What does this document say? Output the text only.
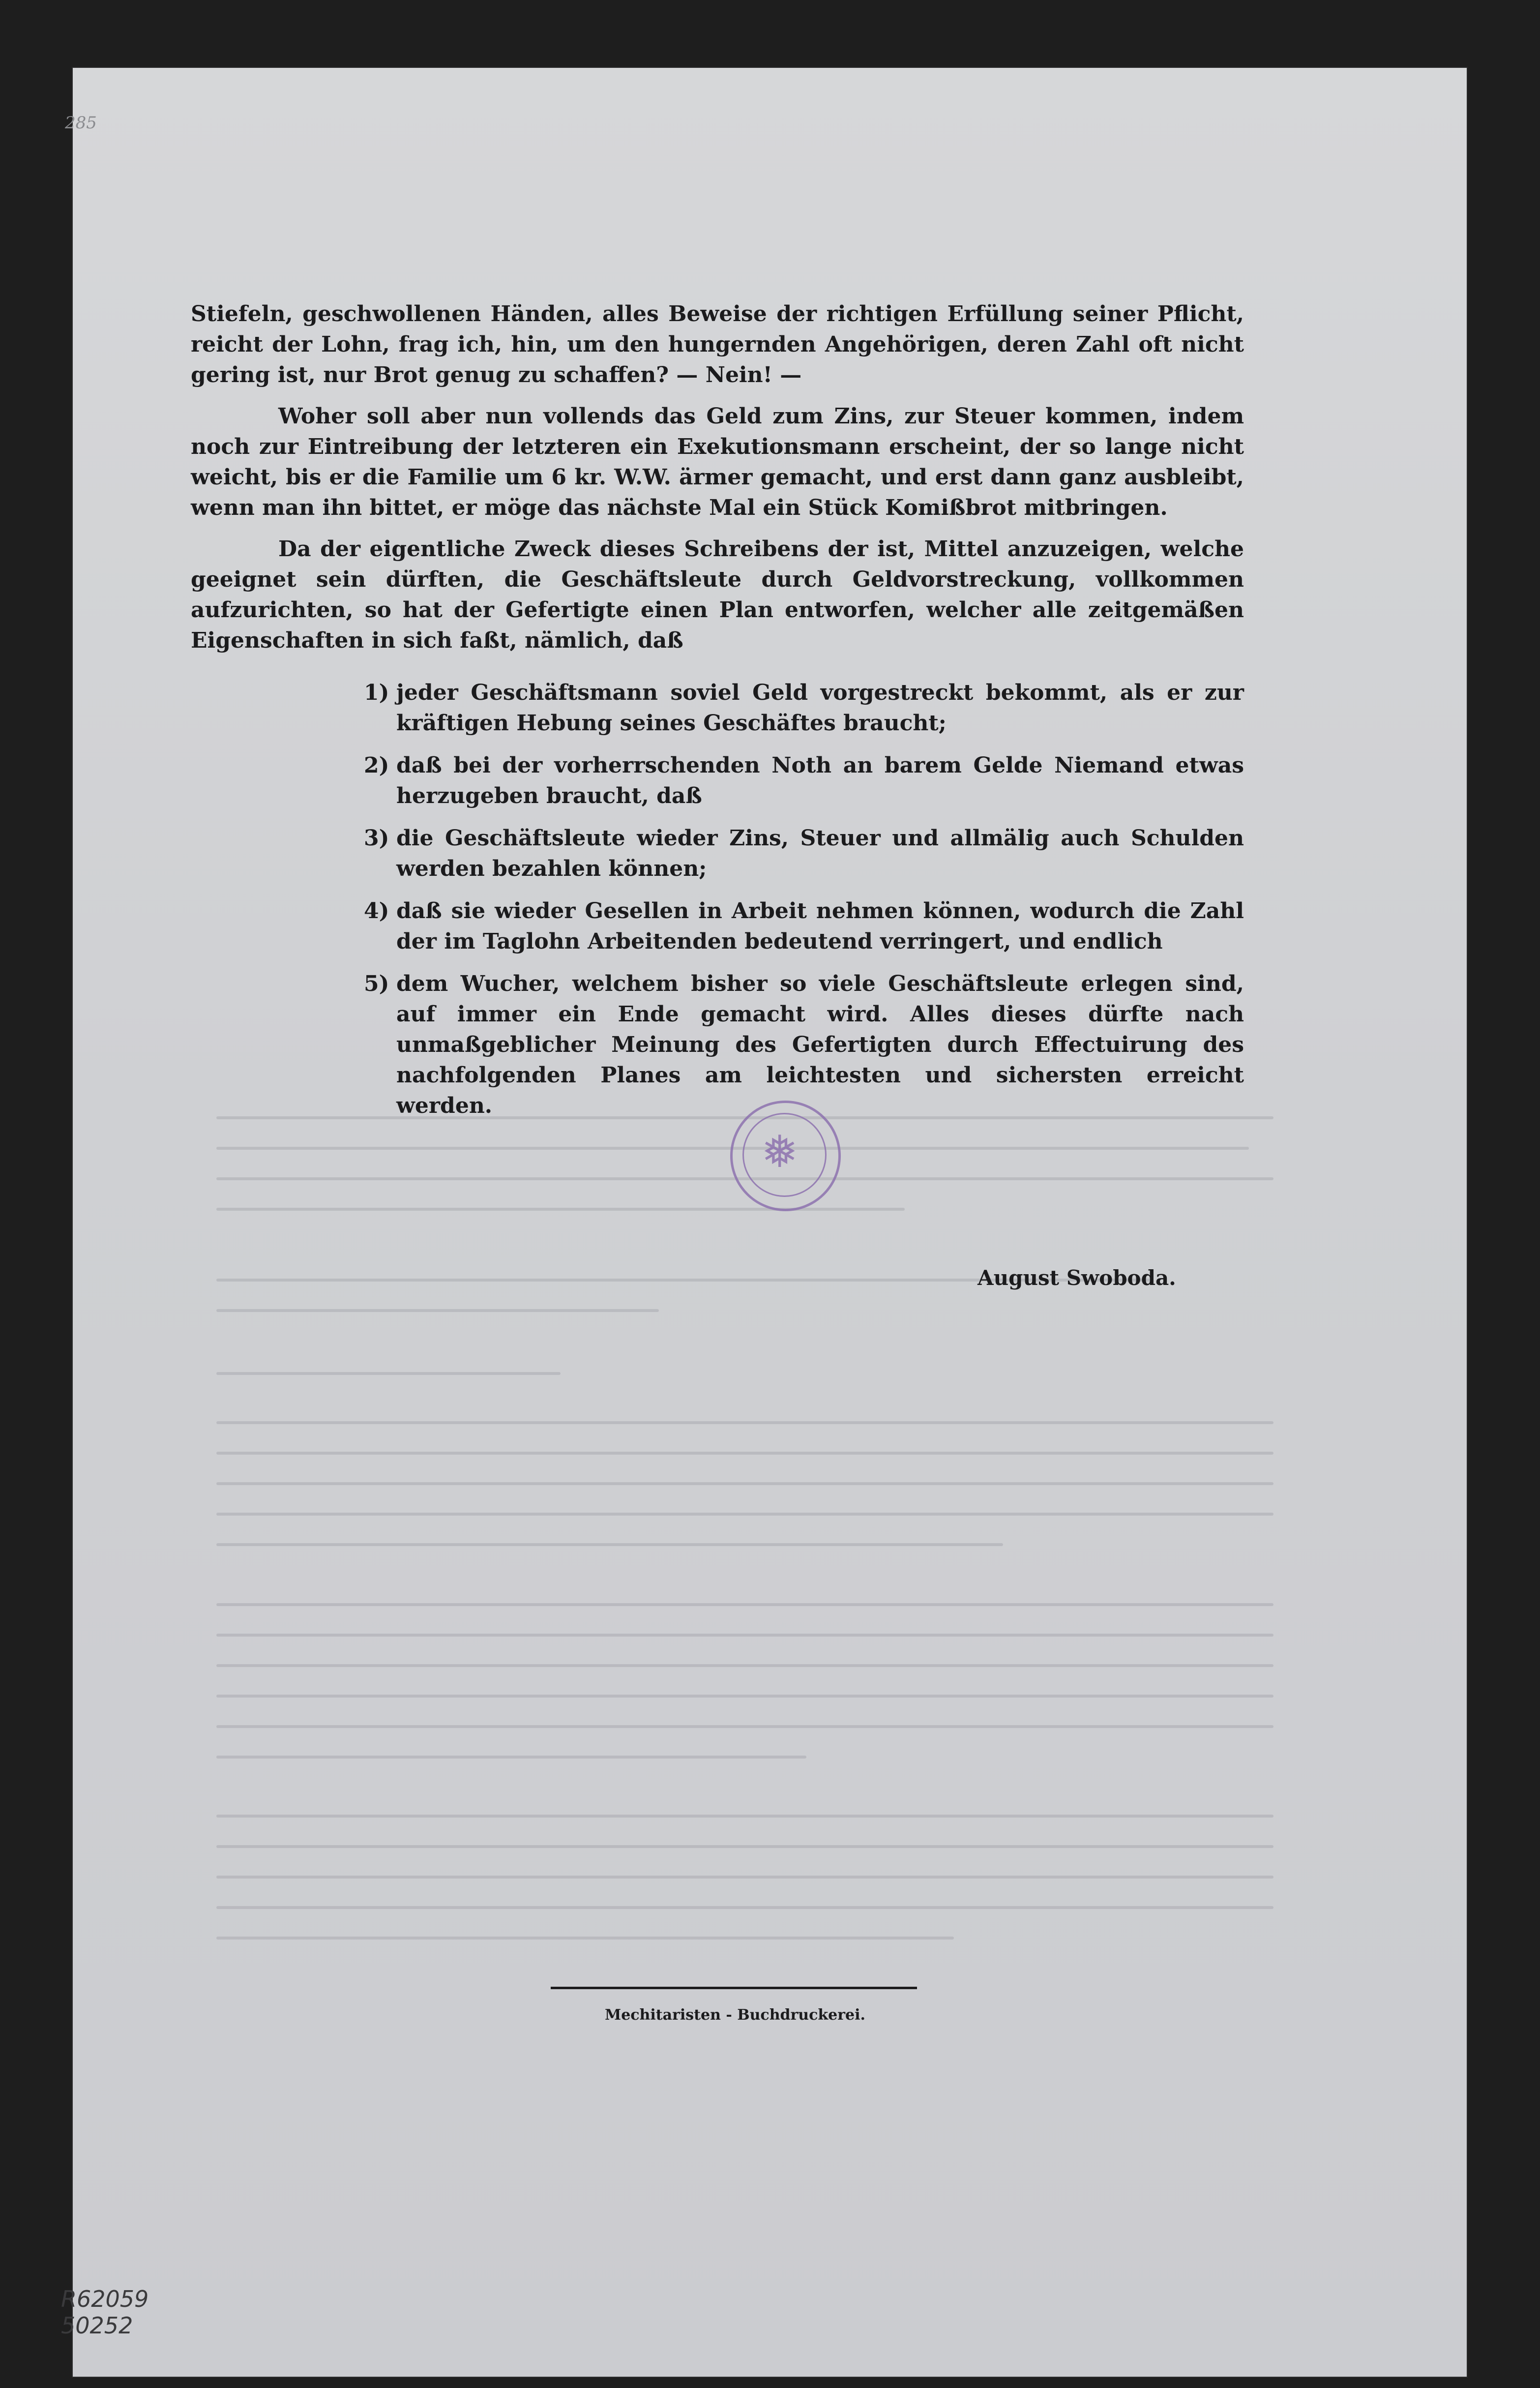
285

Stiefeln, geschwollenen Händen, alles Beweise der richtigen Erfüllung seiner Pflicht, reicht der Lohn, frag ich, hin, um den hungernden Angehörigen, deren Zahl oft nicht gering ist, nur Brot genug zu schaffen? — Nein! —

Woher soll aber nun vollends das Geld zum Zins, zur Steuer kommen, indem noch zur Eintreibung der letzteren ein Exekutionsmann erscheint, der so lange nicht weicht, bis er die Familie um 6 kr. W.W. ärmer gemacht, und erst dann ganz ausbleibt, wenn man ihn bittet, er möge das nächste Mal ein Stück Komißbrot mitbringen.

Da der eigentliche Zweck dieses Schreibens der ist, Mittel anzuzeigen, welche geeignet sein dürften, die Geschäftsleute durch Geldvorstreckung, vollkommen aufzurichten, so hat der Gefertigte einen Plan entworfen, welcher alle zeitgemäßen Eigenschaften in sich faßt, nämlich, daß

1) jeder Geschäftsmann soviel Geld vorgestreckt bekommt, als er zur kräftigen Hebung seines Geschäftes braucht;
2) daß bei der vorherrschenden Noth an barem Gelde Niemand etwas herzugeben braucht, daß
3) die Geschäftsleute wieder Zins, Steuer und allmälig auch Schulden werden bezahlen können;
4) daß sie wieder Gesellen in Arbeit nehmen können, wodurch die Zahl der im Taglohn Arbeitenden bedeutend verringert, und endlich
5) dem Wucher, welchem bisher so viele Geschäftsleute erlegen sind, auf immer ein Ende gemacht wird. Alles dieses dürfte nach unmaßgeblicher Meinung des Gefertigten durch Effectuirung des nachfolgenden Planes am leichtesten und sichersten erreicht werden.
❅
August Swoboda.
Mechitaristen - Buchdruckerei.
R62059
50252
